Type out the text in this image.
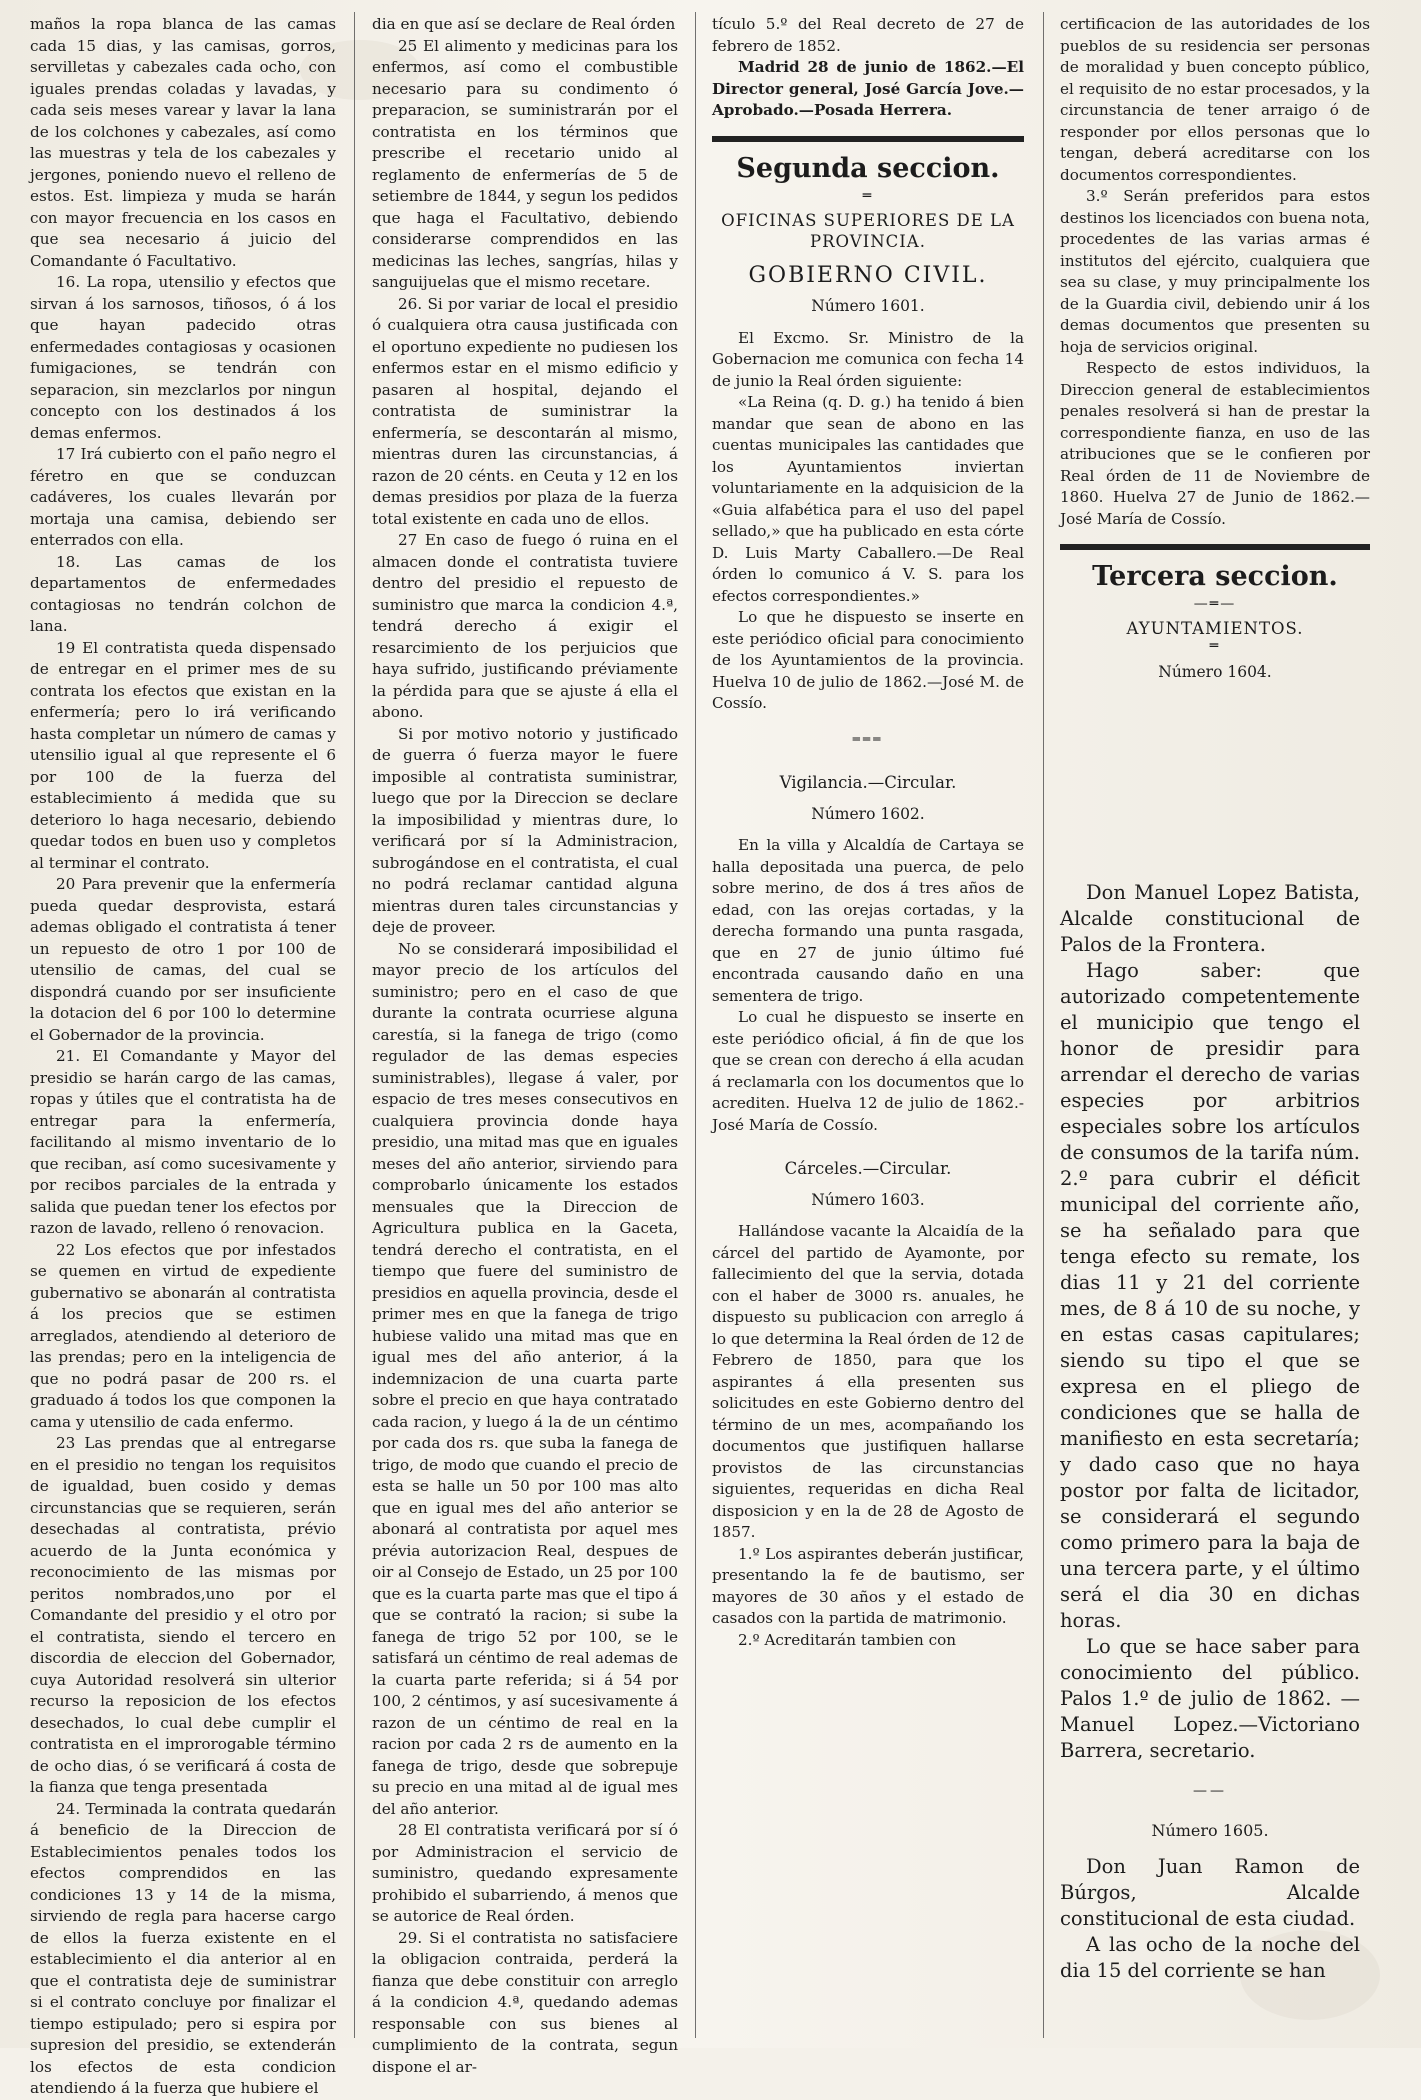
maños la ropa blanca de las camas cada 15 dias, y las camisas, gorros, servilletas y cabezales cada ocho, con iguales prendas coladas y lavadas, y cada seis meses varear y lavar la lana de los colchones y cabezales, así como las muestras y tela de los cabezales y jergones, poniendo nuevo el relleno de estos. Est. limpieza y muda se harán con mayor frecuencia en los casos en que sea necesario á juicio del Comandante ó Facultativo.

16. La ropa, utensilio y efectos que sirvan á los sarnosos, tiñosos, ó á los que hayan padecido otras enfermedades contagiosas y ocasionen fumigaciones, se tendrán con separacion, sin mezclarlos por ningun concepto con los destinados á los demas enfermos.

17 Irá cubierto con el paño negro el féretro en que se conduzcan cadáveres, los cuales llevarán por mortaja una camisa, debiendo ser enterrados con ella.

18. Las camas de los departamentos de enfermedades contagiosas no tendrán colchon de lana.

19 El contratista queda dispensado de entregar en el primer mes de su contrata los efectos que existan en la enfermería; pero lo irá verificando hasta completar un número de camas y utensilio igual al que represente el 6 por 100 de la fuerza del establecimiento á medida que su deterioro lo haga necesario, debiendo quedar todos en buen uso y completos al terminar el contrato.

20 Para prevenir que la enfermería pueda quedar desprovista, estará ademas obligado el contratista á tener un repuesto de otro 1 por 100 de utensilio de camas, del cual se dispondrá cuando por ser insuficiente la dotacion del 6 por 100 lo determine el Gobernador de la provincia.

21. El Comandante y Mayor del presidio se harán cargo de las camas, ropas y útiles que el contratista ha de entregar para la enfermería, facilitando al mismo inventario de lo que reciban, así como sucesivamente y por recibos parciales de la entrada y salida que puedan tener los efectos por razon de lavado, relleno ó renovacion.

22 Los efectos que por infestados se quemen en virtud de expediente gubernativo se abonarán al contratista á los precios que se estimen arreglados, atendiendo al deterioro de las prendas; pero en la inteligencia de que no podrá pasar de 200 rs. el graduado á todos los que componen la cama y utensilio de cada enfermo.

23 Las prendas que al entregarse en el presidio no tengan los requisitos de igualdad, buen cosido y demas circunstancias que se requieren, serán desechadas al contratista, prévio acuerdo de la Junta económica y reconocimiento de las mismas por peritos nombrados,uno por el Comandante del presidio y el otro por el contratista, siendo el tercero en discordia de eleccion del Gobernador, cuya Autoridad resolverá sin ulterior recurso la reposicion de los efectos desechados, lo cual debe cumplir el contratista en el improrogable término de ocho dias, ó se verificará á costa de la fianza que tenga presentada

24. Terminada la contrata quedarán á beneficio de la Direccion de Establecimientos penales todos los efectos comprendidos en las condiciones 13 y 14 de la misma, sirviendo de regla para hacerse cargo de ellos la fuerza existente en el establecimiento el dia anterior al en que el contratista deje de suministrar si el contrato concluye por finalizar el tiempo estipulado; pero si espira por supresion del presidio, se extenderán los efectos de esta condicion atendiendo á la fuerza que hubiere el

dia en que así se declare de Real órden

25 El alimento y medicinas para los enfermos, así como el combustible necesario para su condimento ó preparacion, se suministrarán por el contratista en los términos que prescribe el recetario unido al reglamento de enfermerías de 5 de setiembre de 1844, y segun los pedidos que haga el Facultativo, debiendo considerarse comprendidos en las medicinas las leches, sangrías, hilas y sanguijuelas que el mismo recetare.

26. Si por variar de local el presidio ó cualquiera otra causa justificada con el oportuno expediente no pudiesen los enfermos estar en el mismo edificio y pasaren al hospital, dejando el contratista de suministrar la enfermería, se descontarán al mismo, mientras duren las circunstancias, á razon de 20 cénts. en Ceuta y 12 en los demas presidios por plaza de la fuerza total existente en cada uno de ellos.

27 En caso de fuego ó ruina en el almacen donde el contratista tuviere dentro del presidio el repuesto de suministro que marca la condicion 4.ª, tendrá derecho á exigir el resarcimiento de los perjuicios que haya sufrido, justificando préviamente la pérdida para que se ajuste á ella el abono.

Si por motivo notorio y justificado de guerra ó fuerza mayor le fuere imposible al contratista suministrar, luego que por la Direccion se declare la imposibilidad y mientras dure, lo verificará por sí la Administracion, subrogándose en el contratista, el cual no podrá reclamar cantidad alguna mientras duren tales circunstancias y deje de proveer.

No se considerará imposibilidad el mayor precio de los artículos del suministro; pero en el caso de que durante la contrata ocurriese alguna carestía, si la fanega de trigo (como regulador de las demas especies suministrables), llegase á valer, por espacio de tres meses consecutivos en cualquiera provincia donde haya presidio, una mitad mas que en iguales meses del año anterior, sirviendo para comprobarlo únicamente los estados mensuales que la Direccion de Agricultura publica en la Gaceta, tendrá derecho el contratista, en el tiempo que fuere del suministro de presidios en aquella provincia, desde el primer mes en que la fanega de trigo hubiese valido una mitad mas que en igual mes del año anterior, á la indemnizacion de una cuarta parte sobre el precio en que haya contratado cada racion, y luego á la de un céntimo por cada dos rs. que suba la fanega de trigo, de modo que cuando el precio de esta se halle un 50 por 100 mas alto que en igual mes del año anterior se abonará al contratista por aquel mes prévia autorizacion Real, despues de oir al Consejo de Estado, un 25 por 100 que es la cuarta parte mas que el tipo á que se contrató la racion; si sube la fanega de trigo 52 por 100, se le satisfará un céntimo de real ademas de la cuarta parte referida; si á 54 por 100, 2 céntimos, y así sucesivamente á razon de un céntimo de real en la racion por cada 2 rs de aumento en la fanega de trigo, desde que sobrepuje su precio en una mitad al de igual mes del año anterior.

28 El contratista verificará por sí ó por Administracion el servicio de suministro, quedando expresamente prohibido el subarriendo, á menos que se autorice de Real órden.

29. Si el contratista no satisfaciere la obligacion contraida, perderá la fianza que debe constituir con arreglo á la condicion 4.ª, quedando ademas responsable con sus bienes al cumplimiento de la contrata, segun dispone el ar-

tículo 5.º del Real decreto de 27 de febrero de 1852.

Madrid 28 de junio de 1862.—El Director general, José García Jove.—Aprobado.—Posada Herrera.

Segunda seccion.
═
OFICINAS SUPERIORES DE LA PROVINCIA.
GOBIERNO CIVIL.
Número 1601.

El Excmo. Sr. Ministro de la Gobernacion me comunica con fecha 14 de junio la Real órden siguiente:

«La Reina (q. D. g.) ha tenido á bien mandar que sean de abono en las cuentas municipales las cantidades que los Ayuntamientos inviertan voluntariamente en la adquisicion de la «Guia alfabética para el uso del papel sellado,» que ha publicado en esta córte D. Luis Marty Caballero.—De Real órden lo comunico á V. S. para los efectos correspondientes.»

Lo que he dispuesto se inserte en este periódico oficial para conocimiento de los Ayuntamientos de la provincia. Huelva 10 de julio de 1862.—José M. de Cossío.

═══
Vigilancia.—Circular.
Número 1602.

En la villa y Alcaldía de Cartaya se halla depositada una puerca, de pelo sobre merino, de dos á tres años de edad, con las orejas cortadas, y la derecha formando una punta rasgada, que en 27 de junio último fué encontrada causando daño en una sementera de trigo.

Lo cual he dispuesto se inserte en este periódico oficial, á fin de que los que se crean con derecho á ella acudan á reclamarla con los documentos que lo acrediten. Huelva 12 de julio de 1862.-José María de Cossío.

Cárceles.—Circular.
Número 1603.

Hallándose vacante la Alcaidía de la cárcel del partido de Ayamonte, por fallecimiento del que la servia, dotada con el haber de 3000 rs. anuales, he dispuesto su publicacion con arreglo á lo que determina la Real órden de 12 de Febrero de 1850, para que los aspirantes á ella presenten sus solicitudes en este Gobierno dentro del término de un mes, acompañando los documentos que justifiquen hallarse provistos de las circunstancias siguientes, requeridas en dicha Real disposicion y en la de 28 de Agosto de 1857.

1.º Los aspirantes deberán justificar, presentando la fe de bautismo, ser mayores de 30 años y el estado de casados con la partida de matrimonio.

2.º Acreditarán tambien con

certificacion de las autoridades de los pueblos de su residencia ser personas de moralidad y buen concepto público, el requisito de no estar procesados, y la circunstancia de tener arraigo ó de responder por ellos personas que lo tengan, deberá acreditarse con los documentos correspondientes.

3.º Serán preferidos para estos destinos los licenciados con buena nota, procedentes de las varias armas é institutos del ejército, cualquiera que sea su clase, y muy principalmente los de la Guardia civil, debiendo unir á los demas documentos que presenten su hoja de servicios original.

Respecto de estos individuos, la Direccion general de establecimientos penales resolverá si han de prestar la correspondiente fianza, en uso de las atribuciones que se le confieren por Real órden de 11 de Noviembre de 1860. Huelva 27 de Junio de 1862.—José María de Cossío.

Tercera seccion.
—═—
AYUNTAMIENTOS.
═
Número 1604.

Don Manuel Lopez Batista, Alcalde constitucional de Palos de la Frontera.

Hago saber: que autorizado competentemente el municipio que tengo el honor de presidir para arrendar el derecho de varias especies por arbitrios especiales sobre los artículos de consumos de la tarifa núm. 2.º para cubrir el déficit municipal del corriente año, se ha señalado para que tenga efecto su remate, los dias 11 y 21 del corriente mes, de 8 á 10 de su noche, y en estas casas capitulares; siendo su tipo el que se expresa en el pliego de condiciones que se halla de manifiesto en esta secretaría; y dado caso que no haya postor por falta de licitador, se considerará el segundo como primero para la baja de una tercera parte, y el último será el dia 30 en dichas horas.

Lo que se hace saber para conocimiento del público. Palos 1.º de julio de 1862. —Manuel Lopez.—Victoriano Barrera, secretario.

——
Número 1605.

Don Juan Ramon de Búrgos, Alcalde constitucional de esta ciudad.

A las ocho de la noche del dia 15 del corriente se han
